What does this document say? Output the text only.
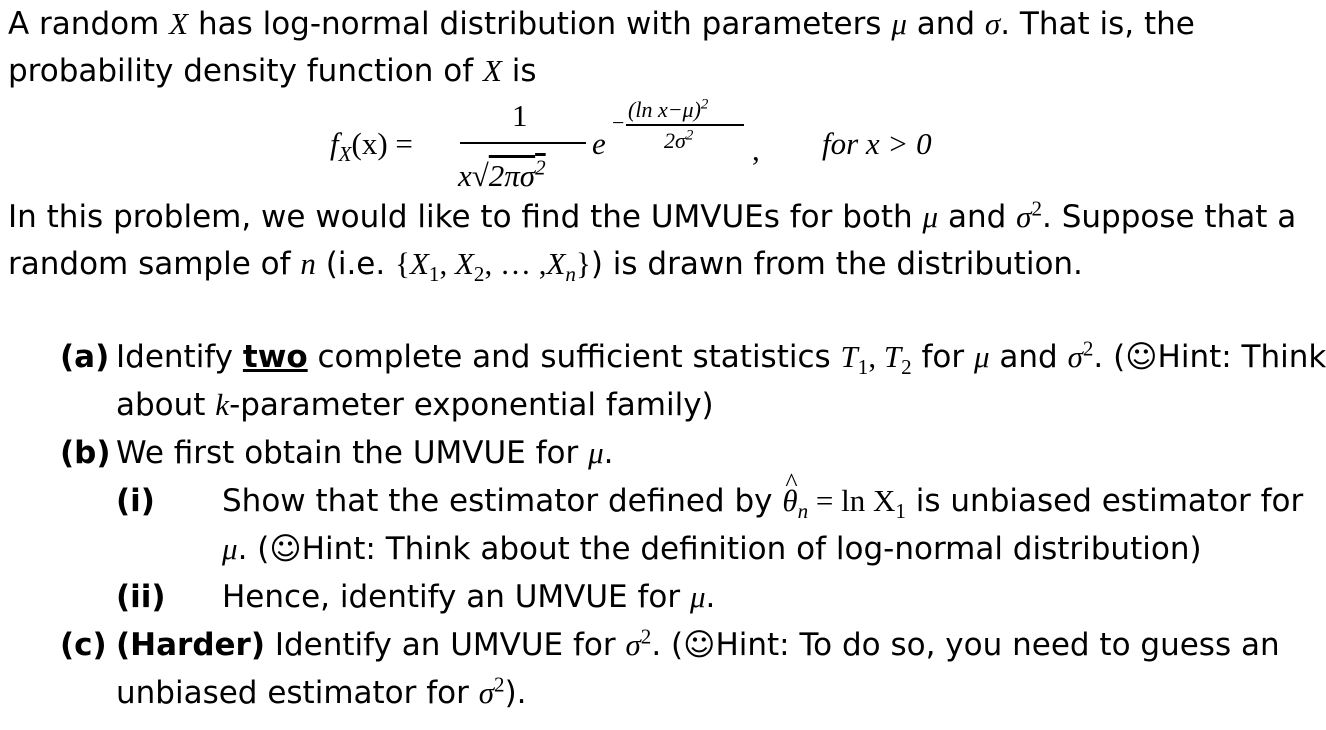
A random X has log-normal distribution with parameters μ and σ. That is, the
probability density function of X is
$f_X(x)$ =
1
$x√2\pi\sigma^2$
e
−
(ln x−μ)$^2$
$2\sigma^2$ , for x > 0
In this problem, we would like to find the UMVUEs for both μ and $\sigma^2$. Suppose that a
random sample of n (i.e. {$X_1$, $X_2$, … $,X_n$}) is drawn from the distribution.
(a) Identify two complete and sufficient statistics $T_1$, $T_2$ for μ and $\sigma^2$. (☺Hint: Think
about k-parameter exponential family)
(b) We first obtain the UMVUE for μ.
(i) Show that the estimator defined by ^ $\theta_n = \ln X_1$ is unbiased estimator for
μ. (☺Hint: Think about the definition of log-normal distribution)
(ii) Hence, identify an UMVUE for μ.
(c) (Harder) Identify an UMVUE for $\sigma^2$. (☺Hint: To do so, you need to guess an
unbiased estimator for $\sigma^2$).
